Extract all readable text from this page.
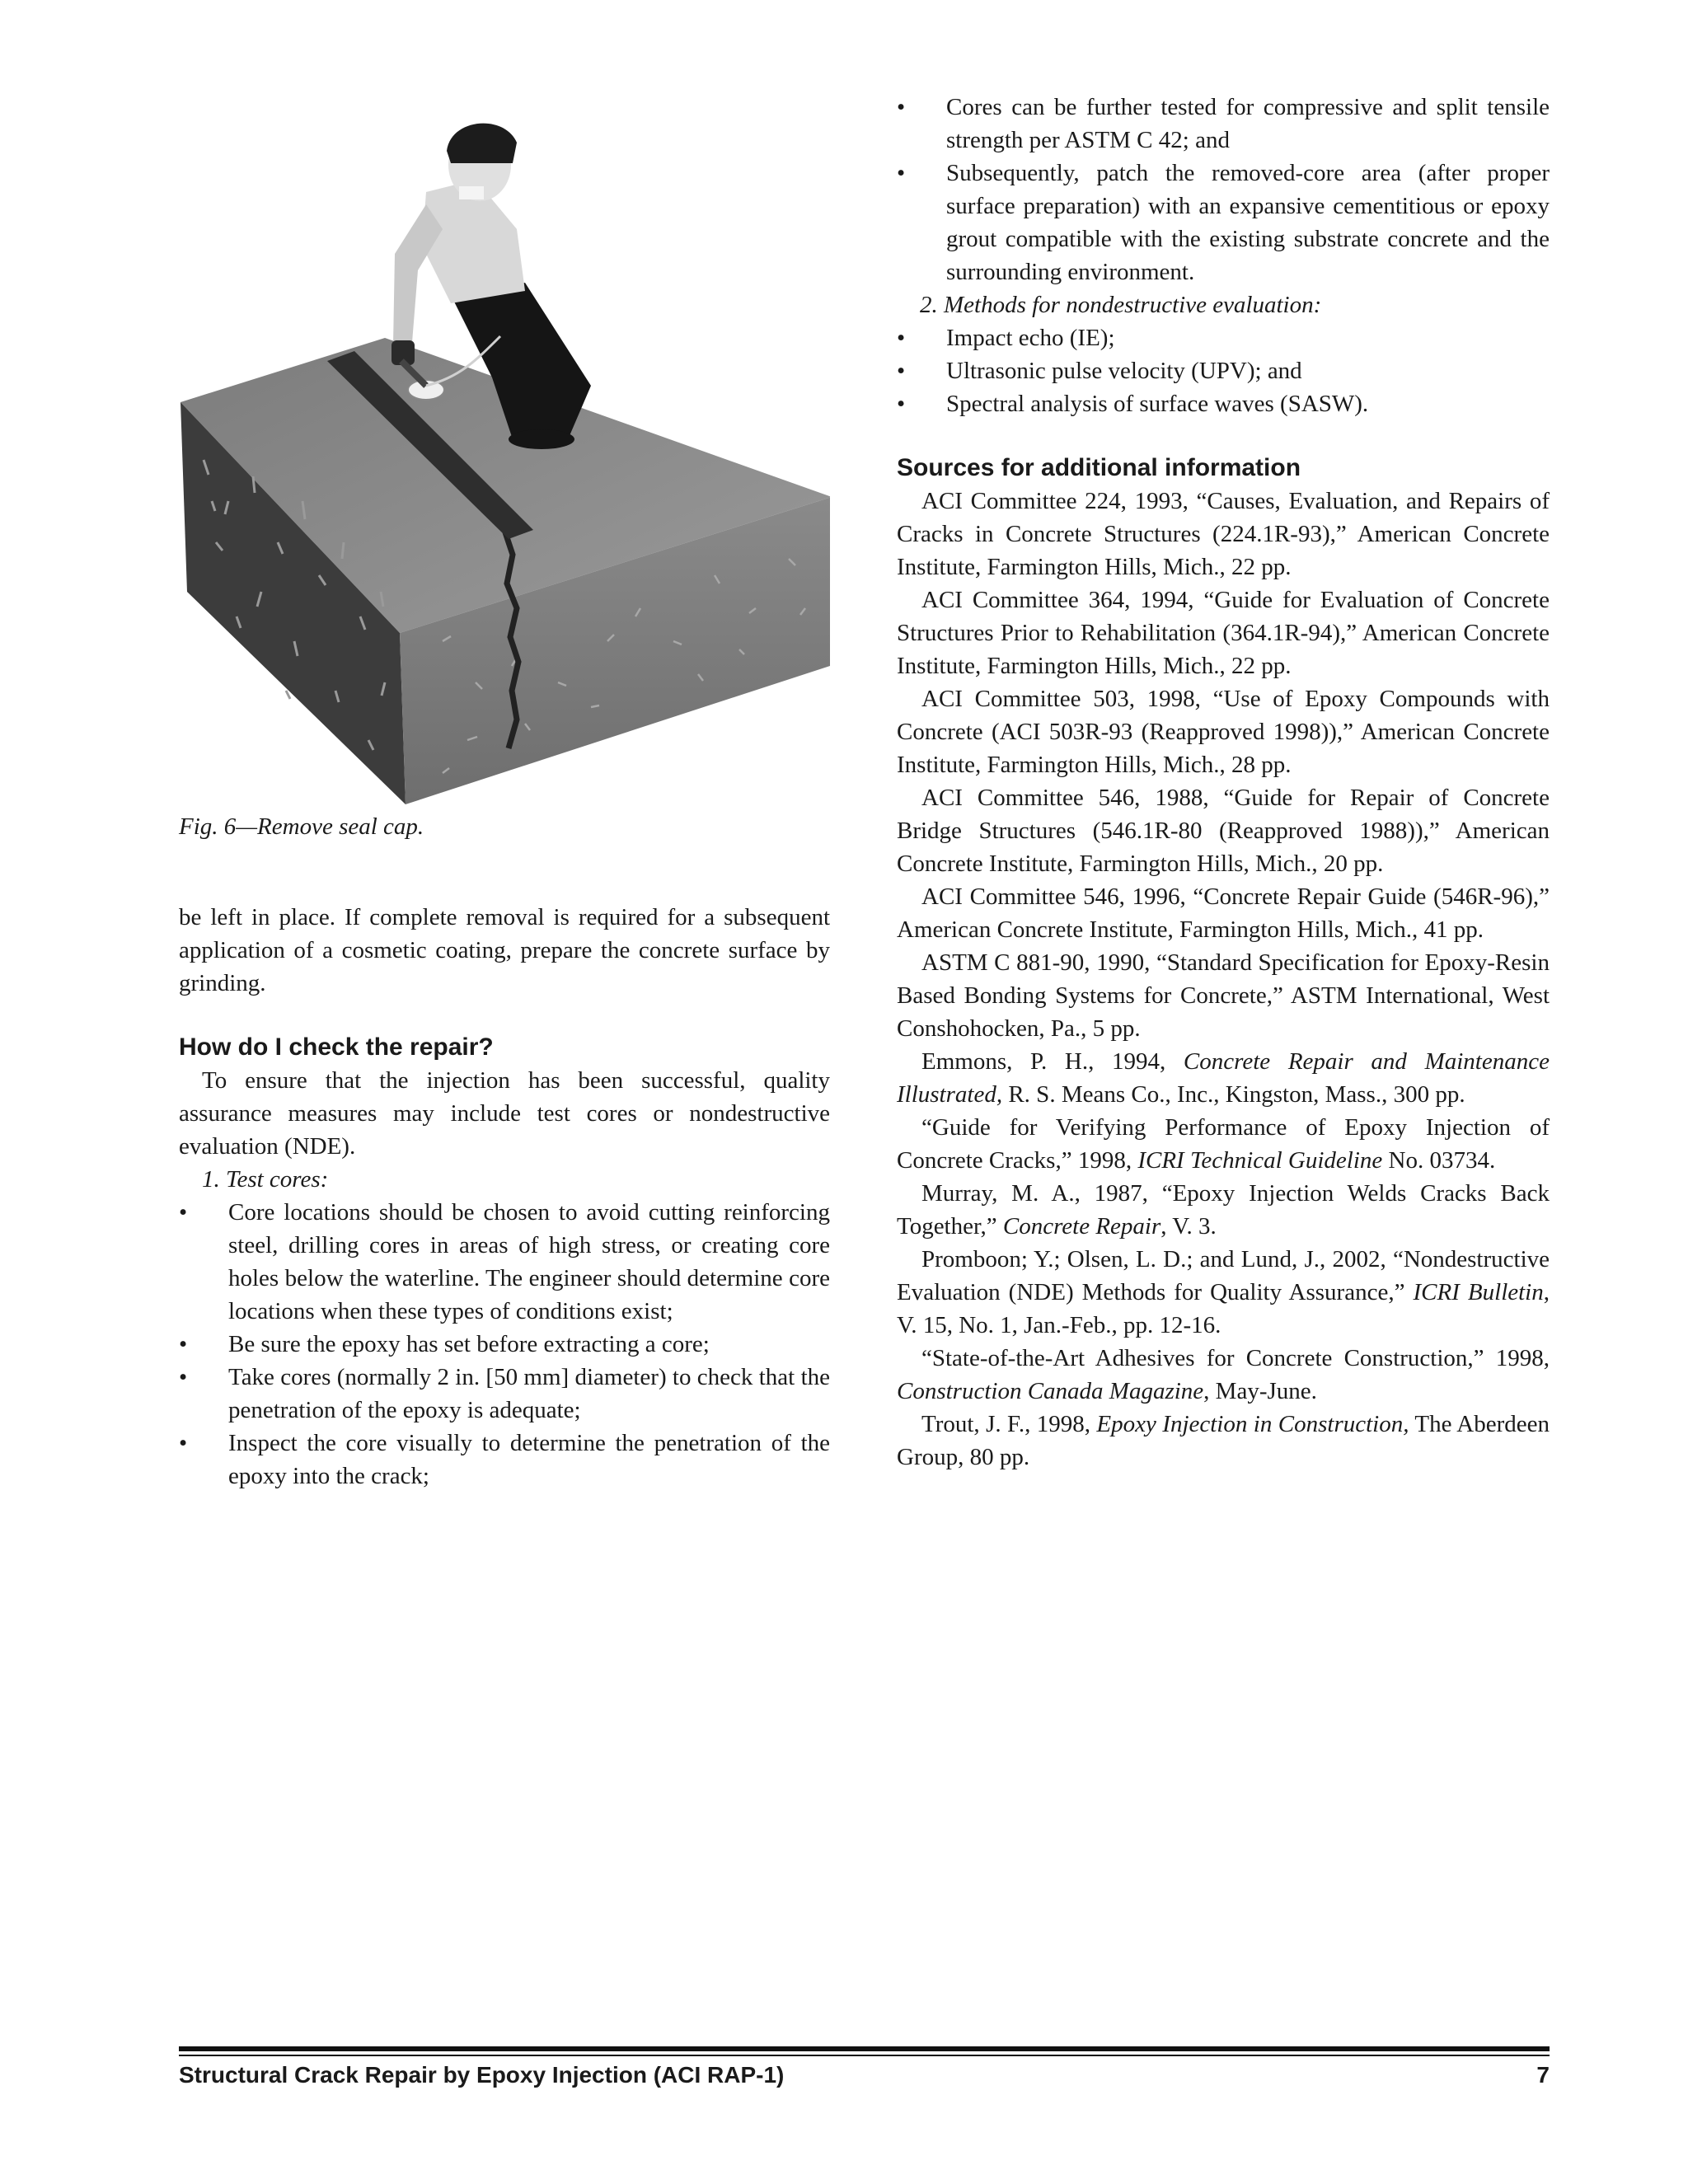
Fig. 6—Remove seal cap.

be left in place. If complete removal is required for a subsequent application of a cosmetic coating, prepare the concrete surface by grinding.

How do I check the repair?

To ensure that the injection has been successful, quality assurance measures may include test cores or nondestructive evaluation (NDE).

1. Test cores:
• Core locations should be chosen to avoid cutting reinforcing steel, drilling cores in areas of high stress, or creating core holes below the waterline. The engineer should determine core locations when these types of conditions exist;
• Be sure the epoxy has set before extracting a core;
• Take cores (normally 2 in. [50 mm] diameter) to check that the penetration of the epoxy is adequate;
• Inspect the core visually to determine the penetration of the epoxy into the crack;
• Cores can be further tested for compressive and split tensile strength per ASTM C 42; and
• Subsequently, patch the removed-core area (after proper surface preparation) with an expansive cementitious or epoxy grout compatible with the existing substrate concrete and the surrounding environment.
2. Methods for nondestructive evaluation:
• Impact echo (IE);
• Ultrasonic pulse velocity (UPV); and
• Spectral analysis of surface waves (SASW).
Sources for additional information

ACI Committee 224, 1993, “Causes, Evaluation, and Repairs of Cracks in Concrete Structures (224.1R-93),” American Concrete Institute, Farmington Hills, Mich., 22 pp.

ACI Committee 364, 1994, “Guide for Evaluation of Concrete Structures Prior to Rehabilitation (364.1R-94),” American Concrete Institute, Farmington Hills, Mich., 22 pp.

ACI Committee 503, 1998, “Use of Epoxy Compounds with Concrete (ACI 503R-93 (Reapproved 1998)),” American Concrete Institute, Farmington Hills, Mich., 28 pp.

ACI Committee 546, 1988, “Guide for Repair of Concrete Bridge Structures (546.1R-80 (Reapproved 1988)),” American Concrete Institute, Farmington Hills, Mich., 20 pp.

ACI Committee 546, 1996, “Concrete Repair Guide (546R-96),” American Concrete Institute, Farmington Hills, Mich., 41 pp.

ASTM C 881-90, 1990, “Standard Specification for Epoxy-Resin Based Bonding Systems for Concrete,” ASTM International, West Conshohocken, Pa., 5 pp.

Emmons, P. H., 1994, Concrete Repair and Maintenance Illustrated, R. S. Means Co., Inc., Kingston, Mass., 300 pp.

“Guide for Verifying Performance of Epoxy Injection of Concrete Cracks,” 1998, ICRI Technical Guideline No. 03734.

Murray, M. A., 1987, “Epoxy Injection Welds Cracks Back Together,” Concrete Repair, V. 3.

Promboon; Y.; Olsen, L. D.; and Lund, J., 2002, “Nondestructive Evaluation (NDE) Methods for Quality Assurance,” ICRI Bulletin, V. 15, No. 1, Jan.-Feb., pp. 12-16.

“State-of-the-Art Adhesives for Concrete Construction,” 1998, Construction Canada Magazine, May-June.

Trout, J. F., 1998, Epoxy Injection in Construction, The Aberdeen Group, 80 pp.

Structural Crack Repair by Epoxy Injection (ACI RAP-1)	7
